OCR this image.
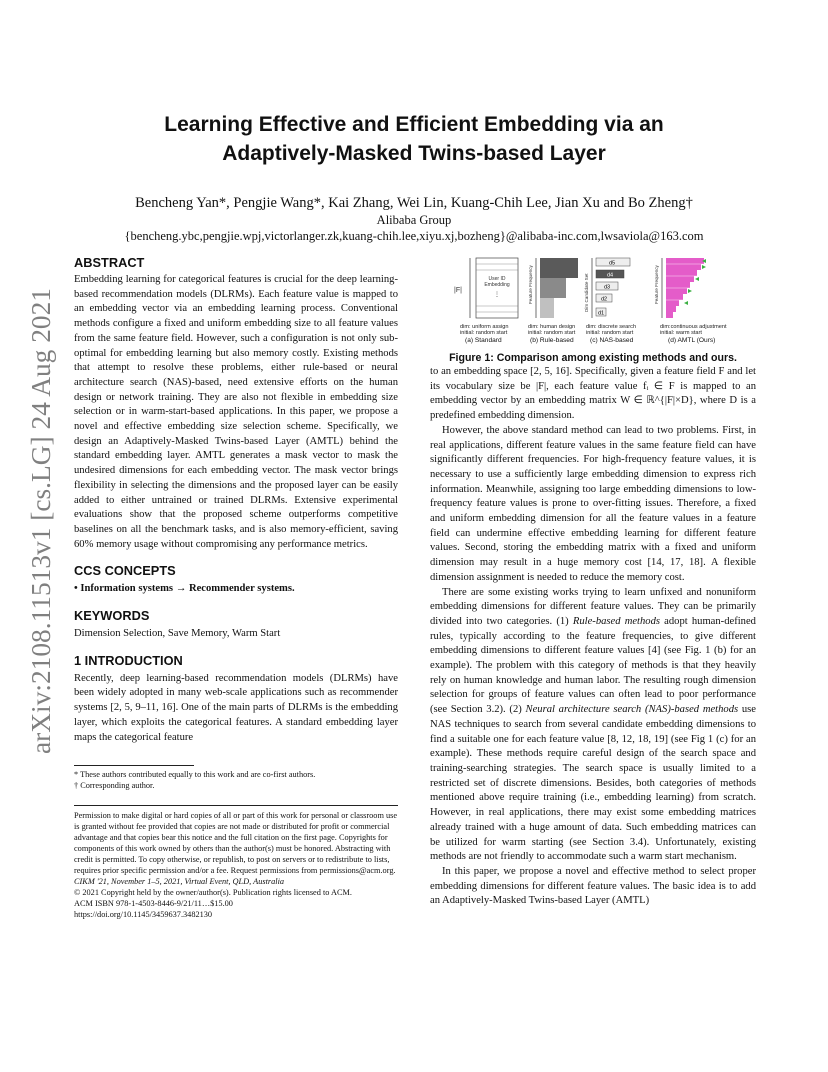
arXiv:2108.11513v1 [cs.LG] 24 Aug 2021
Learning Effective and Efficient Embedding via an
Adaptively-Masked Twins-based Layer
Bencheng Yan*, Pengjie Wang*, Kai Zhang, Wei Lin, Kuang-Chih Lee, Jian Xu and Bo Zheng†
Alibaba Group
{bencheng.ybc,pengjie.wpj,victorlanger.zk,kuang-chih.lee,xiyu.xj,bozheng}@alibaba-inc.com,lwsaviola@163.com
ABSTRACT

Embedding learning for categorical features is crucial for the deep learning-based recommendation models (DLRMs). Each feature value is mapped to an embedding vector via an embedding learning process. Conventional methods configure a fixed and uniform embedding size to all feature values from the same feature field. However, such a configuration is not only sub-optimal for embedding learning but also memory costly. Existing methods that attempt to resolve these problems, either rule-based or neural architecture search (NAS)-based, need extensive efforts on the human design or network training. They are also not flexible in embedding size selection or in warm-start-based applications. In this paper, we propose a novel and effective embedding size selection scheme. Specifically, we design an Adaptively-Masked Twins-based Layer (AMTL) behind the standard embedding layer. AMTL generates a mask vector to mask the undesired dimensions for each embedding vector. The mask vector brings flexibility in selecting the dimensions and the proposed layer can be easily added to either untrained or trained DLRMs. Extensive experimental evaluations show that the proposed scheme outperforms competitive baselines on all the benchmark tasks, and is also memory-efficient, saving 60% memory usage without compromising any performance metrics.

CCS CONCEPTS

• Information systems → Recommender systems.

KEYWORDS

Dimension Selection, Save Memory, Warm Start

1 INTRODUCTION

Recently, deep learning-based recommendation models (DLRMs) have been widely adopted in many web-scale applications such as recommender systems [2, 5, 9–11, 16]. One of the main parts of DLRMs is the embedding layer, which exploits the categorical features. A standard embedding layer maps the categorical feature

* These authors contributed equally to this work and are co-first authors.
† Corresponding author.
Permission to make digital or hard copies of all or part of this work for personal or classroom use is granted without fee provided that copies are not made or distributed for profit or commercial advantage and that copies bear this notice and the full citation on the first page. Copyrights for components of this work owned by others than the author(s) must be honored. Abstracting with credit is permitted. To copy otherwise, or republish, to post on servers or to redistribute to lists, requires prior specific permission and/or a fee. Request permissions from permissions@acm.org.
CIKM '21, November 1–5, 2021, Virtual Event, QLD, Australia
© 2021 Copyright held by the owner/author(s). Publication rights licensed to ACM.
ACM ISBN 978-1-4503-8446-9/21/11…$15.00
https://doi.org/10.1145/3459637.3482130
|F|
User ID
Embedding
⋮
dim: uniform assign
initial: random start
(a) Standard
Feature Frequency
dim: human design
initial: random start
(b) Rule-based
Dim Candidate Set
d5
d4
d3
d2
d1
dim: discrete search
initial: random start
(c) NAS-based
Feature Frequency
dim:continuous adjustment
initial: warm start
(d) AMTL (Ours)
Figure 1: Comparison among existing methods and ours.

to an embedding space [2, 5, 16]. Specifically, given a feature field F and let its vocabulary size be |F|, each feature value fᵢ ∈ F is mapped to an embedding vector by an embedding matrix W ∈ ℝ^{|F|×D}, where D is a predefined embedding dimension.

However, the above standard method can lead to two problems. First, in real applications, different feature values in the same feature field can have significantly different frequencies. For high-frequency feature values, it is necessary to use a sufficiently large embedding dimension to express rich information. Meanwhile, assigning too large embedding dimensions to low-frequency feature values is prone to over-fitting issues. Therefore, a fixed and uniform embedding dimension for all the feature values in a feature field can undermine effective embedding learning for different feature values. Second, storing the embedding matrix with a fixed and uniform dimension may result in a huge memory cost [14, 17, 18]. A flexible dimension assignment is needed to reduce the memory cost.

There are some existing works trying to learn unfixed and nonuniform embedding dimensions for different feature values. They can be primarily divided into two categories. (1) Rule-based methods adopt human-defined rules, typically according to the feature frequencies, to give different embedding dimensions to different feature values [4] (see Fig. 1 (b) for an example). The problem with this category of methods is that they heavily rely on human knowledge and human labor. The resulting rough dimension selection for groups of feature values can often lead to poor performance (see Section 3.2). (2) Neural architecture search (NAS)-based methods use NAS techniques to search from several candidate embedding dimensions to find a suitable one for each feature value [8, 12, 18, 19] (see Fig 1 (c) for an example). These methods require careful design of the search space and training-searching strategies. The search space is usually limited to a restricted set of discrete dimensions. Besides, both categories of methods mentioned above require training (i.e., embedding learning) from scratch. However, in real applications, there may exist some embedding matrices already trained with a huge amount of data. Such embedding matrices can be utilized for warm starting (see Section 3.4). Unfortunately, existing methods are not friendly to accommodate such a warm start mechanism.

In this paper, we propose a novel and effective method to select proper embedding dimensions for different feature values. The basic idea is to add an Adaptively-Masked Twins-based Layer (AMTL)
